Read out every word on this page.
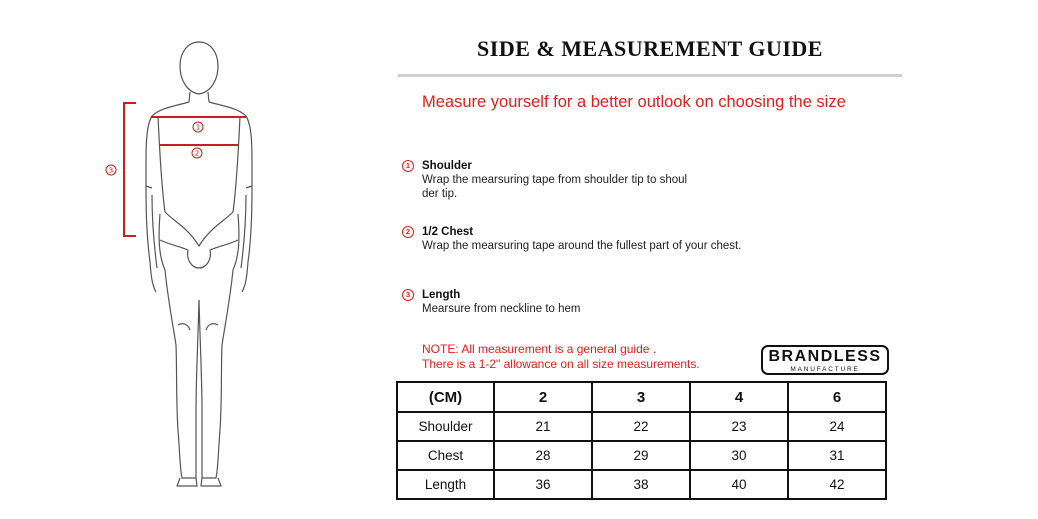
1
2
3
SIDE & MEASUREMENT GUIDE
Measure yourself for a better outlook on choosing the size
1	Shoulder
Wrap the mearsuring tape from shoulder tip to shoul
der tip.
2	1/2 Chest
Wrap the mearsuring tape around the fullest part of your chest.
3	Length
Mearsure from neckline to hem
NOTE: All measurement is a general guide .
There is a 1-2" allowance on all size measurements.	BRANDLESS
MANUFACTURE
(CM)	2	3	4	6
Shoulder	21	22	23	24
Chest	28	29	30	31
Length	36	38	40	42
